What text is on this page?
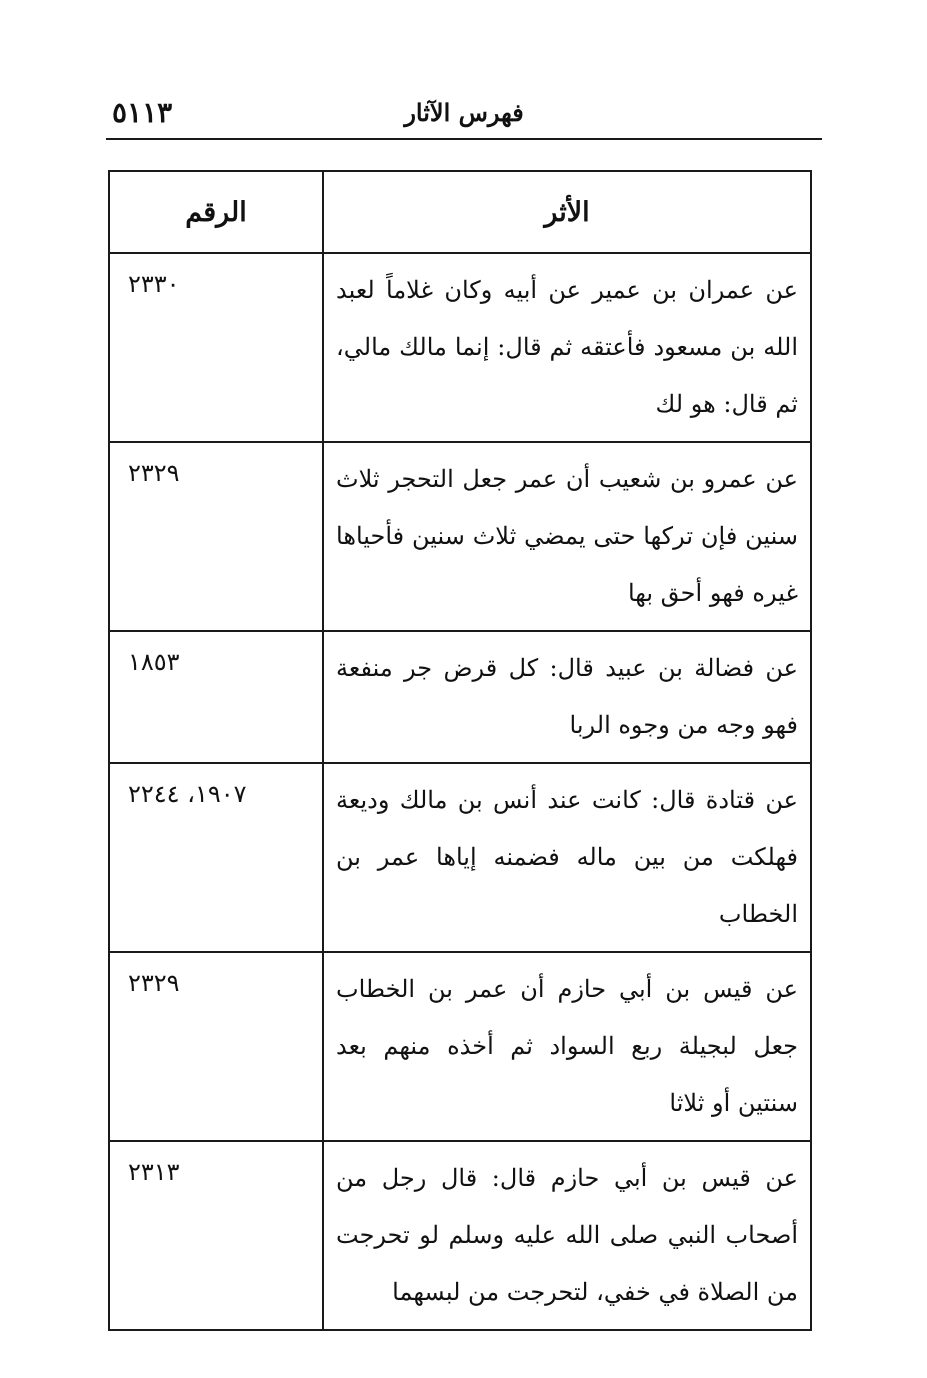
٥١١٣	فهرس الآثار
الأثر	الرقم
عن عمران بن عمير عن أبيه وكان غلاماً لعبد الله بن مسعود فأعتقه ثم قال: إنما مالك مالي، ثم قال: هو لك	٢٣٣٠

عن عمرو بن شعيب أن عمر جعل التحجر ثلاث سنين فإن تركها حتى يمضي ثلاث سنين فأحياها غيره فهو أحق بها	٢٣٢٩

عن فضالة بن عبيد قال: كل قرض جر منفعة فهو وجه من وجوه الربا	١٨٥٣

عن قتادة قال: كانت عند أنس بن مالك وديعة فهلكت من بين ماله فضمنه إياها عمر بن الخطاب	١٩٠٧، ٢٢٤٤

عن قيس بن أبي حازم أن عمر بن الخطاب جعل لبجيلة ربع السواد ثم أخذه منهم بعد سنتين أو ثلاثا	٢٣٢٩

عن قيس بن أبي حازم قال: قال رجل من أصحاب النبي صلى الله عليه وسلم لو تحرجت من الصلاة في خفي، لتحرجت من لبسهما	٢٣١٣
